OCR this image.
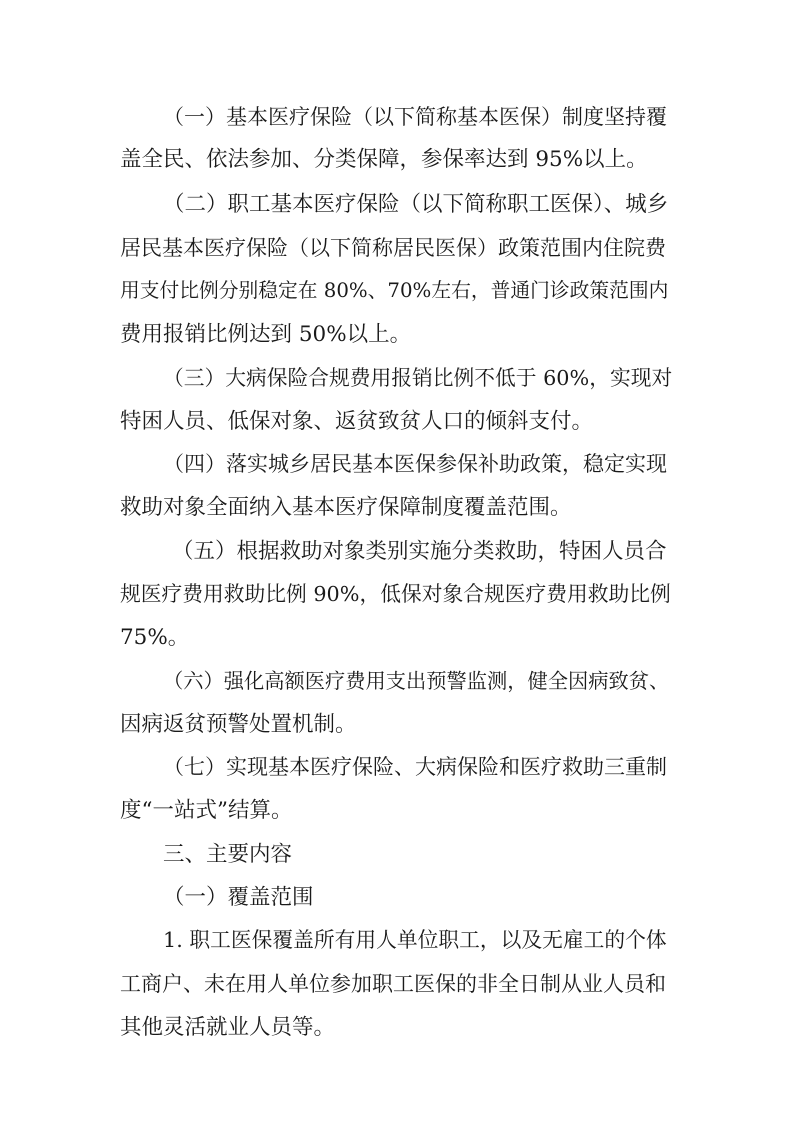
（一）基本医疗保险（以下简称基本医保）制度坚持覆

盖全民、依法参加、分类保障，参保率达到 95%以上。

（二）职工基本医疗保险（以下简称职工医保）、城乡

居民基本医疗保险（以下简称居民医保）政策范围内住院费

用支付比例分别稳定在 80%、70%左右，普通门诊政策范围内

费用报销比例达到 50%以上。

（三）大病保险合规费用报销比例不低于 60%，实现对

特困人员、低保对象、返贫致贫人口的倾斜支付。

（四）落实城乡居民基本医保参保补助政策，稳定实现

救助对象全面纳入基本医疗保障制度覆盖范围。

（五）根据救助对象类别实施分类救助，特困人员合

规医疗费用救助比例 90%，低保对象合规医疗费用救助比例

75%。

（六）强化高额医疗费用支出预警监测，健全因病致贫、

因病返贫预警处置机制。

（七）实现基本医疗保险、大病保险和医疗救助三重制

度“一站式”结算。

三、主要内容

（一）覆盖范围

1. 职工医保覆盖所有用人单位职工，以及无雇工的个体

工商户、未在用人单位参加职工医保的非全日制从业人员和

其他灵活就业人员等。
